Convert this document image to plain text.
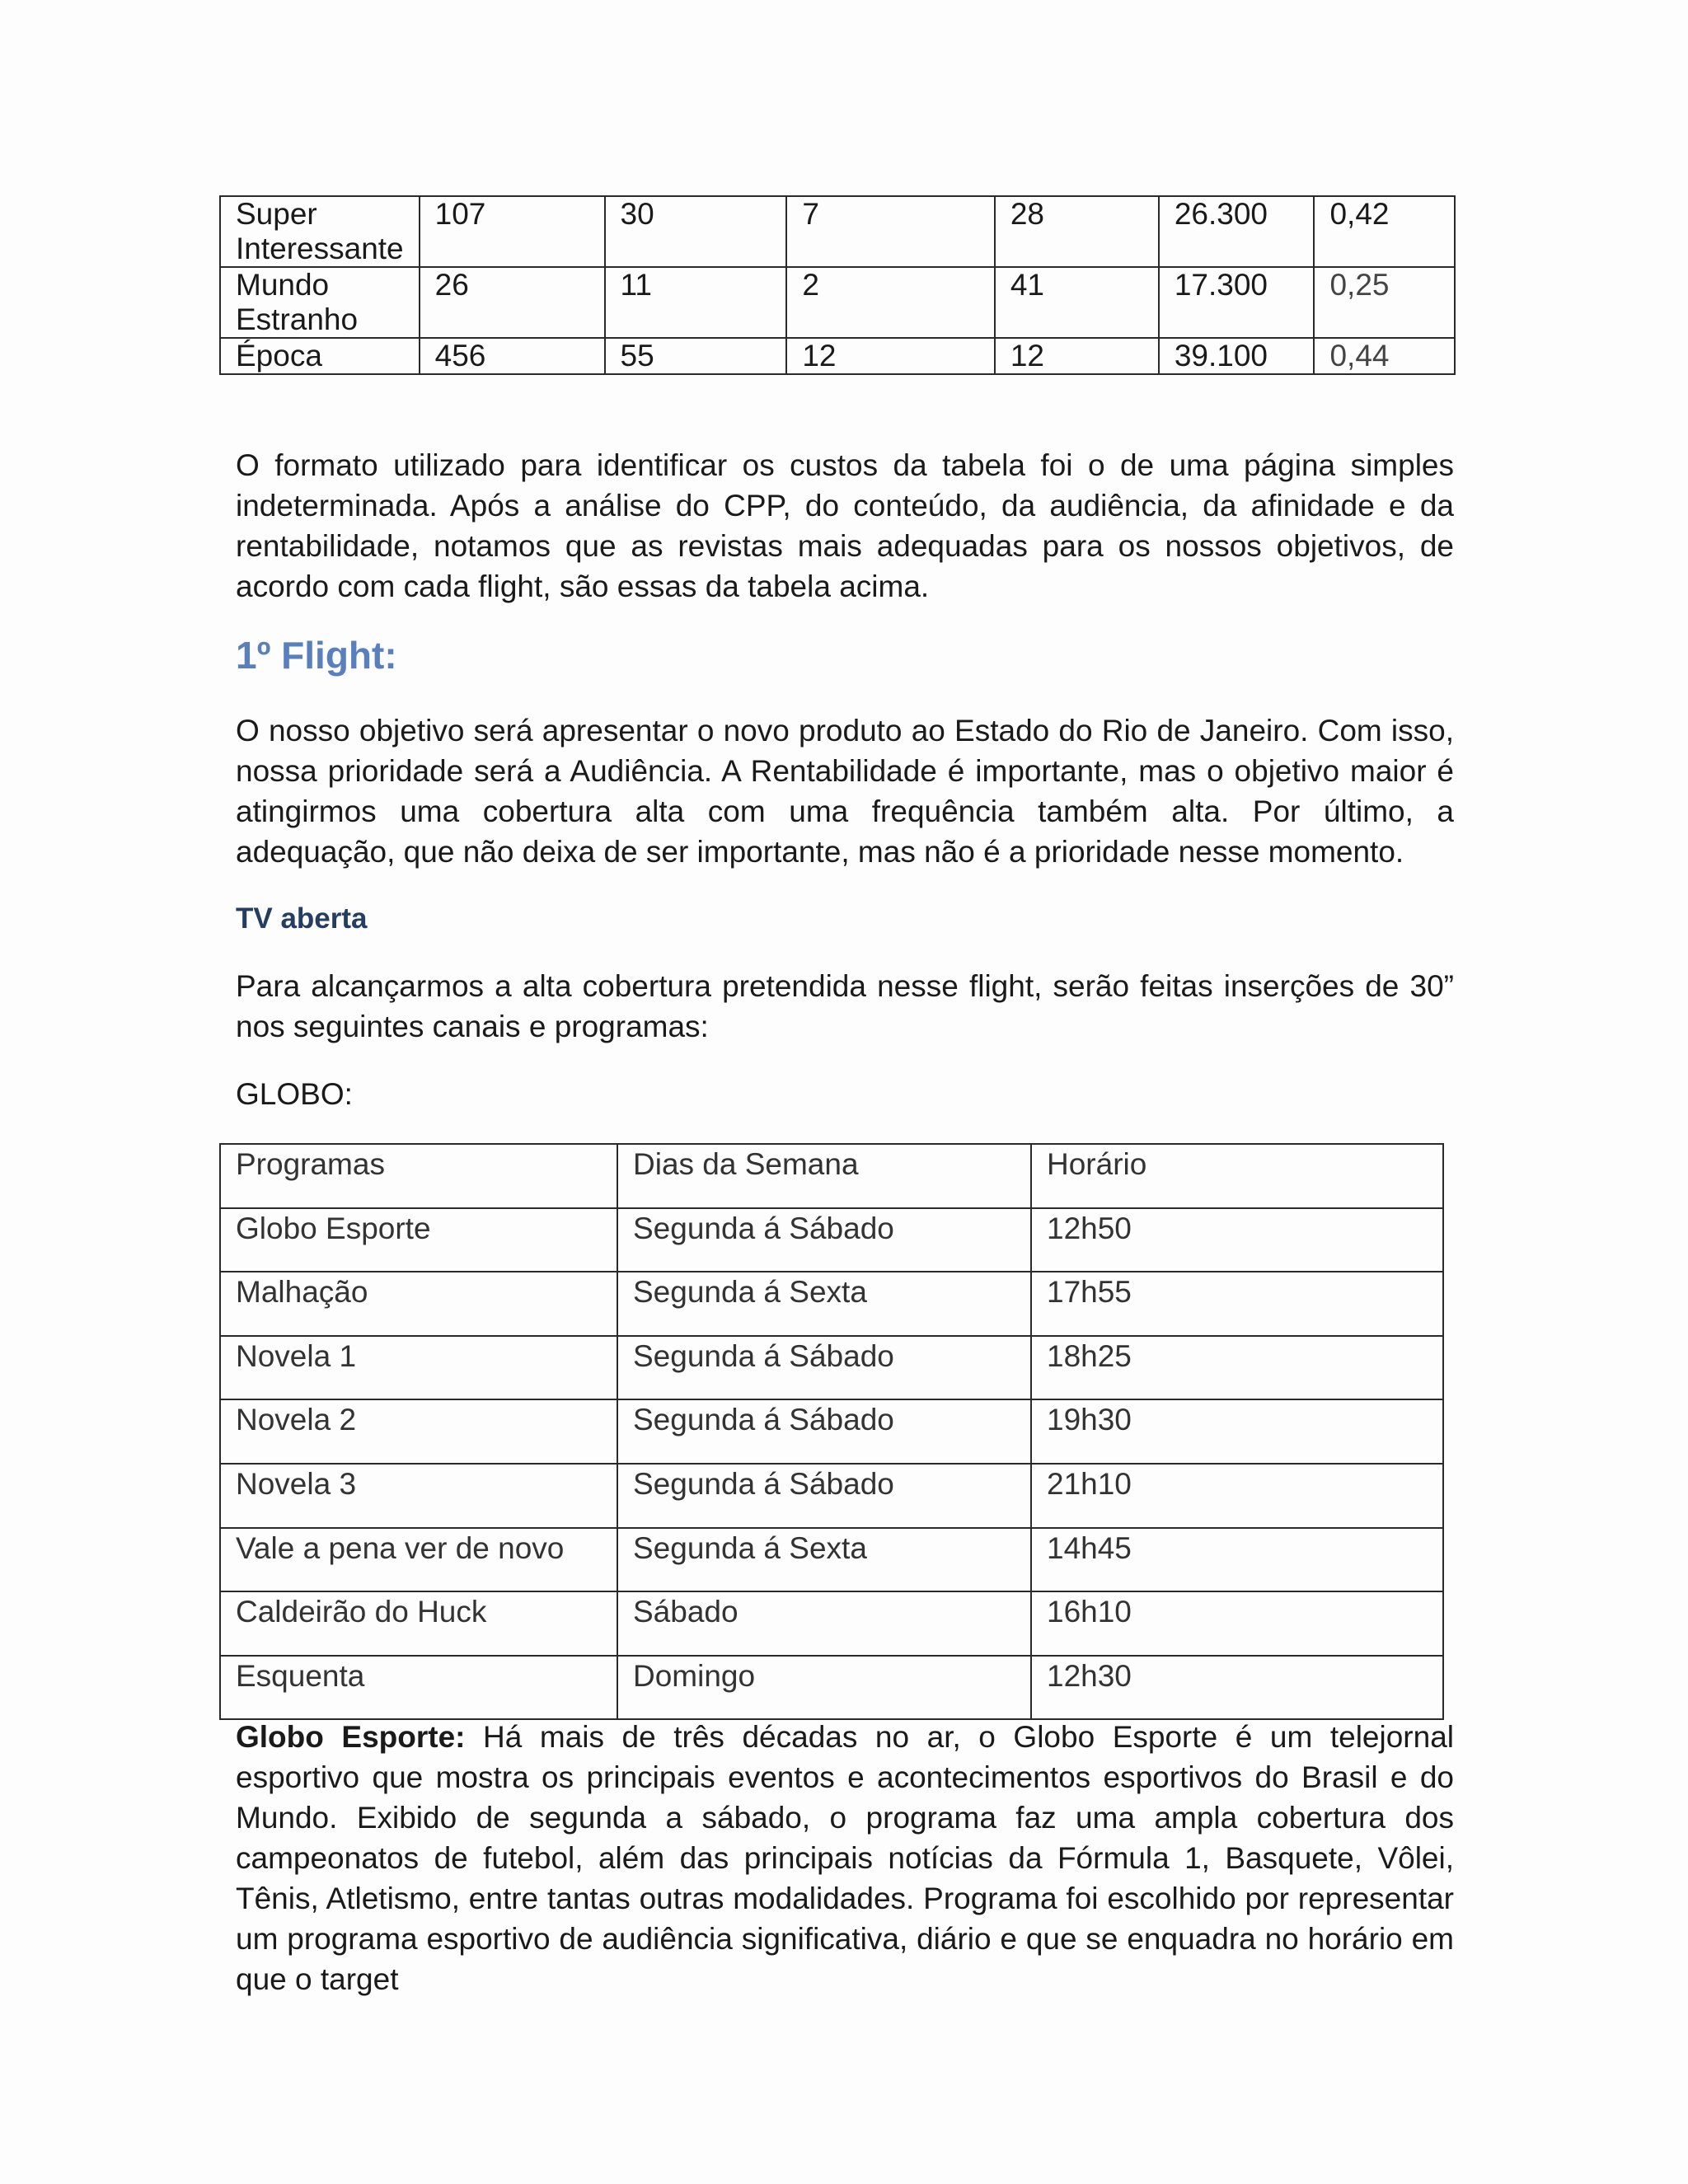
Super Interessante	107	30	7	28	26.300	0,42
Mundo Estranho	26	11	2	41	17.300	0,25
Época	456	55	12	12	39.100	0,44

O formato utilizado para identificar os custos da tabela foi o de uma página simples indeterminada. Após a análise do CPP, do conteúdo, da audiência, da afinidade e da rentabilidade, notamos que as revistas mais adequadas para os nossos objetivos, de acordo com cada flight, são essas da tabela acima.

1º Flight:

O nosso objetivo será apresentar o novo produto ao Estado do Rio de Janeiro. Com isso, nossa prioridade será a Audiência. A Rentabilidade é importante, mas o objetivo maior é atingirmos uma cobertura alta com uma frequência também alta. Por último, a adequação, que não deixa de ser importante, mas não é a prioridade nesse momento.

TV aberta

Para alcançarmos a alta cobertura pretendida nesse flight, serão feitas inserções de 30” nos seguintes canais e programas:

GLOBO:

Programas	Dias da Semana	Horário
Globo Esporte	Segunda á Sábado	12h50
Malhação	Segunda á Sexta	17h55
Novela 1	Segunda á Sábado	18h25
Novela 2	Segunda á Sábado	19h30
Novela 3	Segunda á Sábado	21h10
Vale a pena ver de novo	Segunda á Sexta	14h45
Caldeirão do Huck	Sábado	16h10
Esquenta	Domingo	12h30

Globo Esporte: Há mais de três décadas no ar, o Globo Esporte é um telejornal esportivo que mostra os principais eventos e acontecimentos esportivos do Brasil e do Mundo. Exibido de segunda a sábado, o programa faz uma ampla cobertura dos campeonatos de futebol, além das principais notícias da Fórmula 1, Basquete, Vôlei, Tênis, Atletismo, entre tantas outras modalidades. Programa foi escolhido por representar um programa esportivo de audiência significativa, diário e que se enquadra no horário em que o target
